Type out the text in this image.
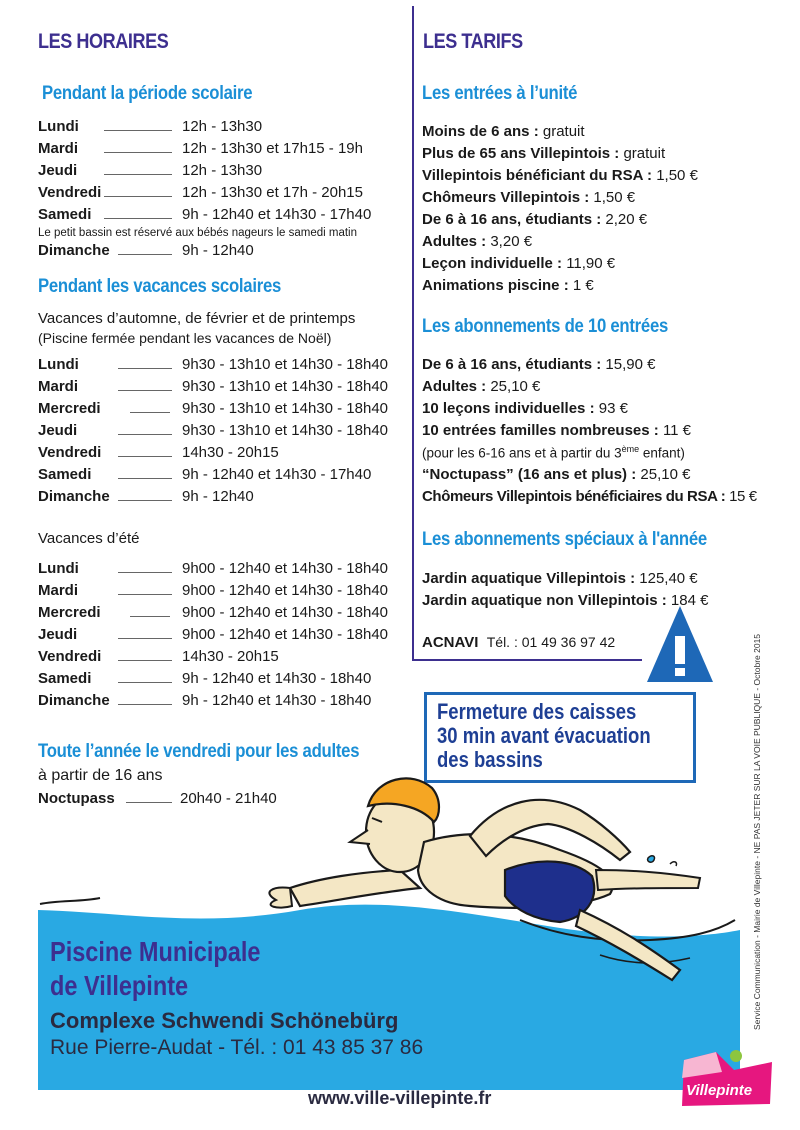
LES HORAIRES
Pendant la période scolaire
Lundi	12h - 13h30
Mardi	12h - 13h30 et 17h15 - 19h
Jeudi	12h - 13h30
Vendredi	12h - 13h30 et 17h - 20h15
Samedi	9h - 12h40 et 14h30 - 17h40
Le petit bassin est réservé aux bébés nageurs le samedi matin
Dimanche	9h - 12h40
Pendant les vacances scolaires
Vacances d’automne, de février et de printemps
(Piscine fermée pendant les vacances de Noël)
Lundi	9h30 - 13h10 et 14h30 - 18h40
Mardi	9h30 - 13h10 et 14h30 - 18h40
Mercredi	9h30 - 13h10 et 14h30 - 18h40
Jeudi	9h30 - 13h10 et 14h30 - 18h40
Vendredi	14h30 - 20h15
Samedi	9h - 12h40 et 14h30 - 17h40
Dimanche	9h - 12h40
Vacances d’été
Lundi	9h00 - 12h40 et 14h30 - 18h40
Mardi	9h00 - 12h40 et 14h30 - 18h40
Mercredi	9h00 - 12h40 et 14h30 - 18h40
Jeudi	9h00 - 12h40 et 14h30 - 18h40
Vendredi	14h30 - 20h15
Samedi	9h - 12h40 et 14h30 - 18h40
Dimanche	9h - 12h40 et 14h30 - 18h40
Toute l’année le vendredi pour les adultes
à partir de 16 ans
Noctupass	20h40 - 21h40
LES TARIFS
Les entrées à l’unité
Moins de 6 ans : gratuit
Plus de 65 ans Villepintois : gratuit
Villepintois bénéficiant du RSA : 1,50 €
Chômeurs Villepintois : 1,50 €
De 6 à 16 ans, étudiants : 2,20 €
Adultes : 3,20 €
Leçon individuelle : 11,90 €
Animations piscine : 1 €
Les abonnements de 10 entrées
De 6 à 16 ans, étudiants : 15,90 €
Adultes : 25,10 €
10 leçons individuelles : 93 €
10 entrées familles nombreuses : 11 €
(pour les 6-16 ans et à partir du 3ème enfant)
“Noctupass” (16 ans et plus) : 25,10 €
Chômeurs Villepintois bénéficiaires du RSA : 15 €
Les abonnements spéciaux à l'année
Jardin aquatique Villepintois : 125,40 €
Jardin aquatique non Villepintois : 184 €
ACNAVI Tél. : 01 49 36 97 42
Fermeture des caisses
30 min avant évacuation
des bassins	Service Communication - Mairie de Villepinte - NE PAS JETER SUR LA VOIE PUBLIQUE - Octobre 2015
Piscine Municipale
de Villepinte
Complexe Schwendi Schönebürg
Rue Pierre-Audat - Tél. : 01 43 85 37 86
www.ville-villepinte.fr	Villepinte
